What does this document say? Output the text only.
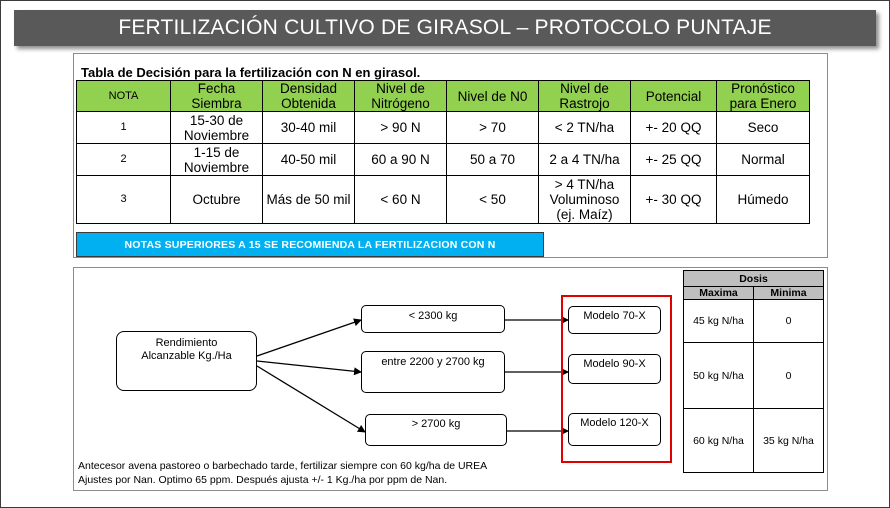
FERTILIZACIÓN CULTIVO DE GIRASOL – PROTOCOLO PUNTAJE
Tabla de Decisión para la fertilización con N en girasol.
NOTA	Fecha Siembra	Densidad Obtenida	Nivel de Nitrógeno	Nivel de N0	Nivel de Rastrojo	Potencial	Pronóstico para Enero
1	15-30 de Noviembre	30-40 mil	> 90 N	> 70	< 2 TN/ha	+- 20 QQ	Seco
2	1-15 de Noviembre	40-50 mil	60 a 90 N	50 a 70	2 a 4 TN/ha	+- 25 QQ	Normal
3	Octubre	Más de 50 mil	< 60 N	< 50	> 4 TN/ha Voluminoso (ej. Maíz)	+- 30 QQ	Húmedo
NOTAS SUPERIORES A 15 SE RECOMIENDA LA FERTILIZACION CON N
Rendimiento Alcanzable Kg./Ha
< 2300 kg
entre 2200 y 2700 kg
> 2700 kg
Modelo 70-X
Modelo 90-X
Modelo 120-X
Dosis	
Maxima	Minima
45 kg N/ha	0
50 kg N/ha	0
60 kg N/ha	35 kg N/ha
Antecesor avena pastoreo o barbechado tarde, fertilizar siempre con 60 kg/ha de UREA
Ajustes por Nan. Optimo 65 ppm. Después ajusta +/- 1 Kg./ha por ppm de Nan.
